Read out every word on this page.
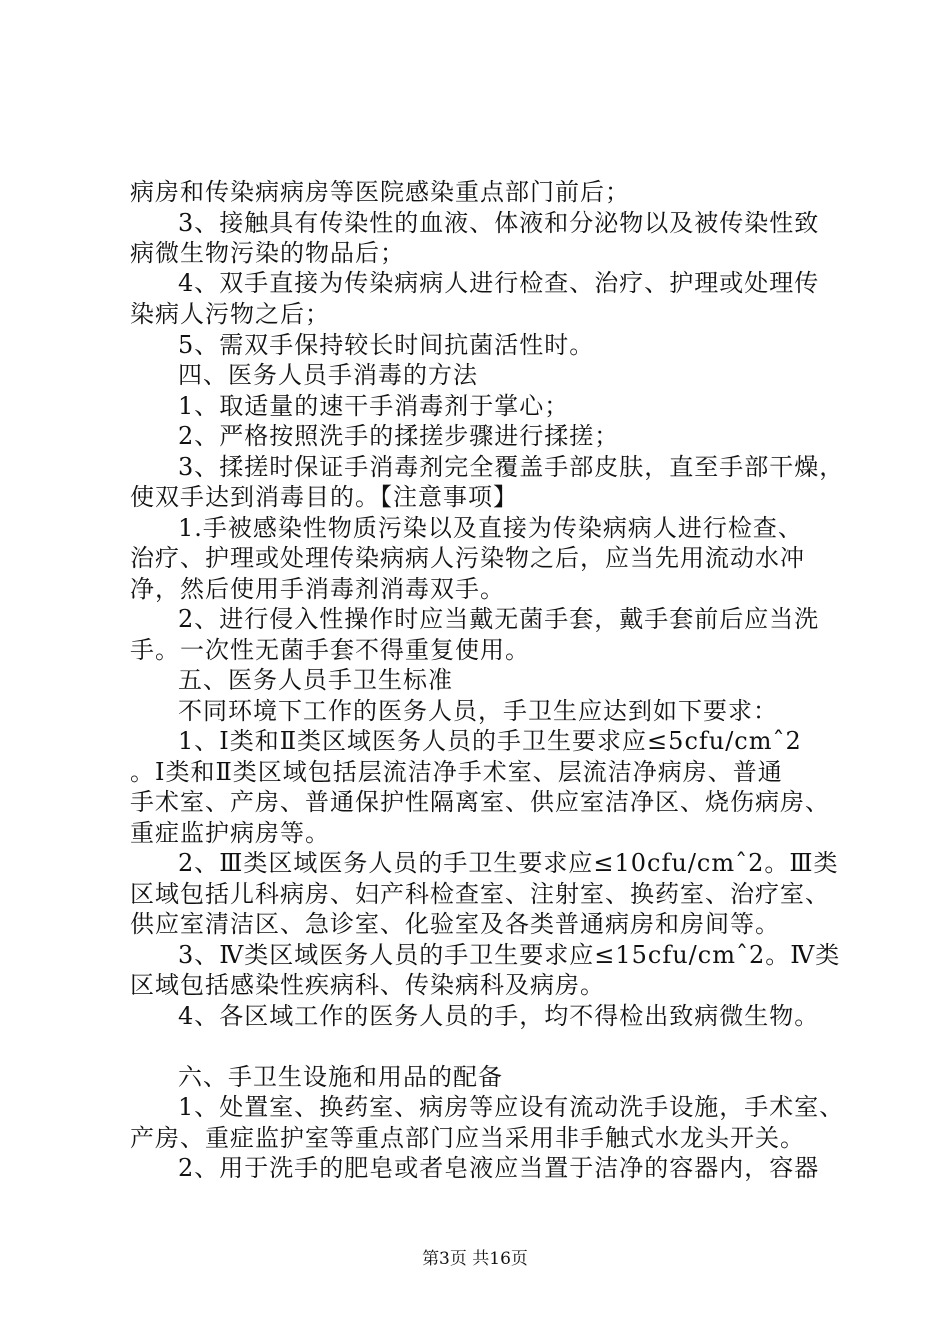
病房和传染病病房等医院感染重点部门前后；
3、接触具有传染性的血液、体液和分泌物以及被传染性致
病微生物污染的物品后；
4、双手直接为传染病病人进行检查、治疗、护理或处理传
染病人污物之后；
5、需双手保持较长时间抗菌活性时。
四、医务人员手消毒的方法
1、取适量的速干手消毒剂于掌心；
2、严格按照洗手的揉搓步骤进行揉搓；
3、揉搓时保证手消毒剂完全覆盖手部皮肤，直至手部干燥，
使双手达到消毒目的。【注意事项】
1.手被感染性物质污染以及直接为传染病病人进行检查、
治疗、护理或处理传染病病人污染物之后，应当先用流动水冲
净，然后使用手消毒剂消毒双手。
2、进行侵入性操作时应当戴无菌手套，戴手套前后应当洗
手。一次性无菌手套不得重复使用。
五、医务人员手卫生标准
不同环境下工作的医务人员，手卫生应达到如下要求：
1、Ⅰ类和Ⅱ类区域医务人员的手卫生要求应≤5cfu/cmˆ2
。Ⅰ类和Ⅱ类区域包括层流洁净手术室、层流洁净病房、普通
手术室、产房、普通保护性隔离室、供应室洁净区、烧伤病房、
重症监护病房等。
2、Ⅲ类区域医务人员的手卫生要求应≤10cfu/cmˆ2。Ⅲ类
区域包括儿科病房、妇产科检查室、注射室、换药室、治疗室、
供应室清洁区、急诊室、化验室及各类普通病房和房间等。
3、Ⅳ类区域医务人员的手卫生要求应≤15cfu/cmˆ2。Ⅳ类
区域包括感染性疾病科、传染病科及病房。
4、各区域工作的医务人员的手，均不得检出致病微生物。
六、手卫生设施和用品的配备
1、处置室、换药室、病房等应设有流动洗手设施，手术室、
产房、重症监护室等重点部门应当采用非手触式水龙头开关。
2、用于洗手的肥皂或者皂液应当置于洁净的容器内，容器
第3页 共16页
